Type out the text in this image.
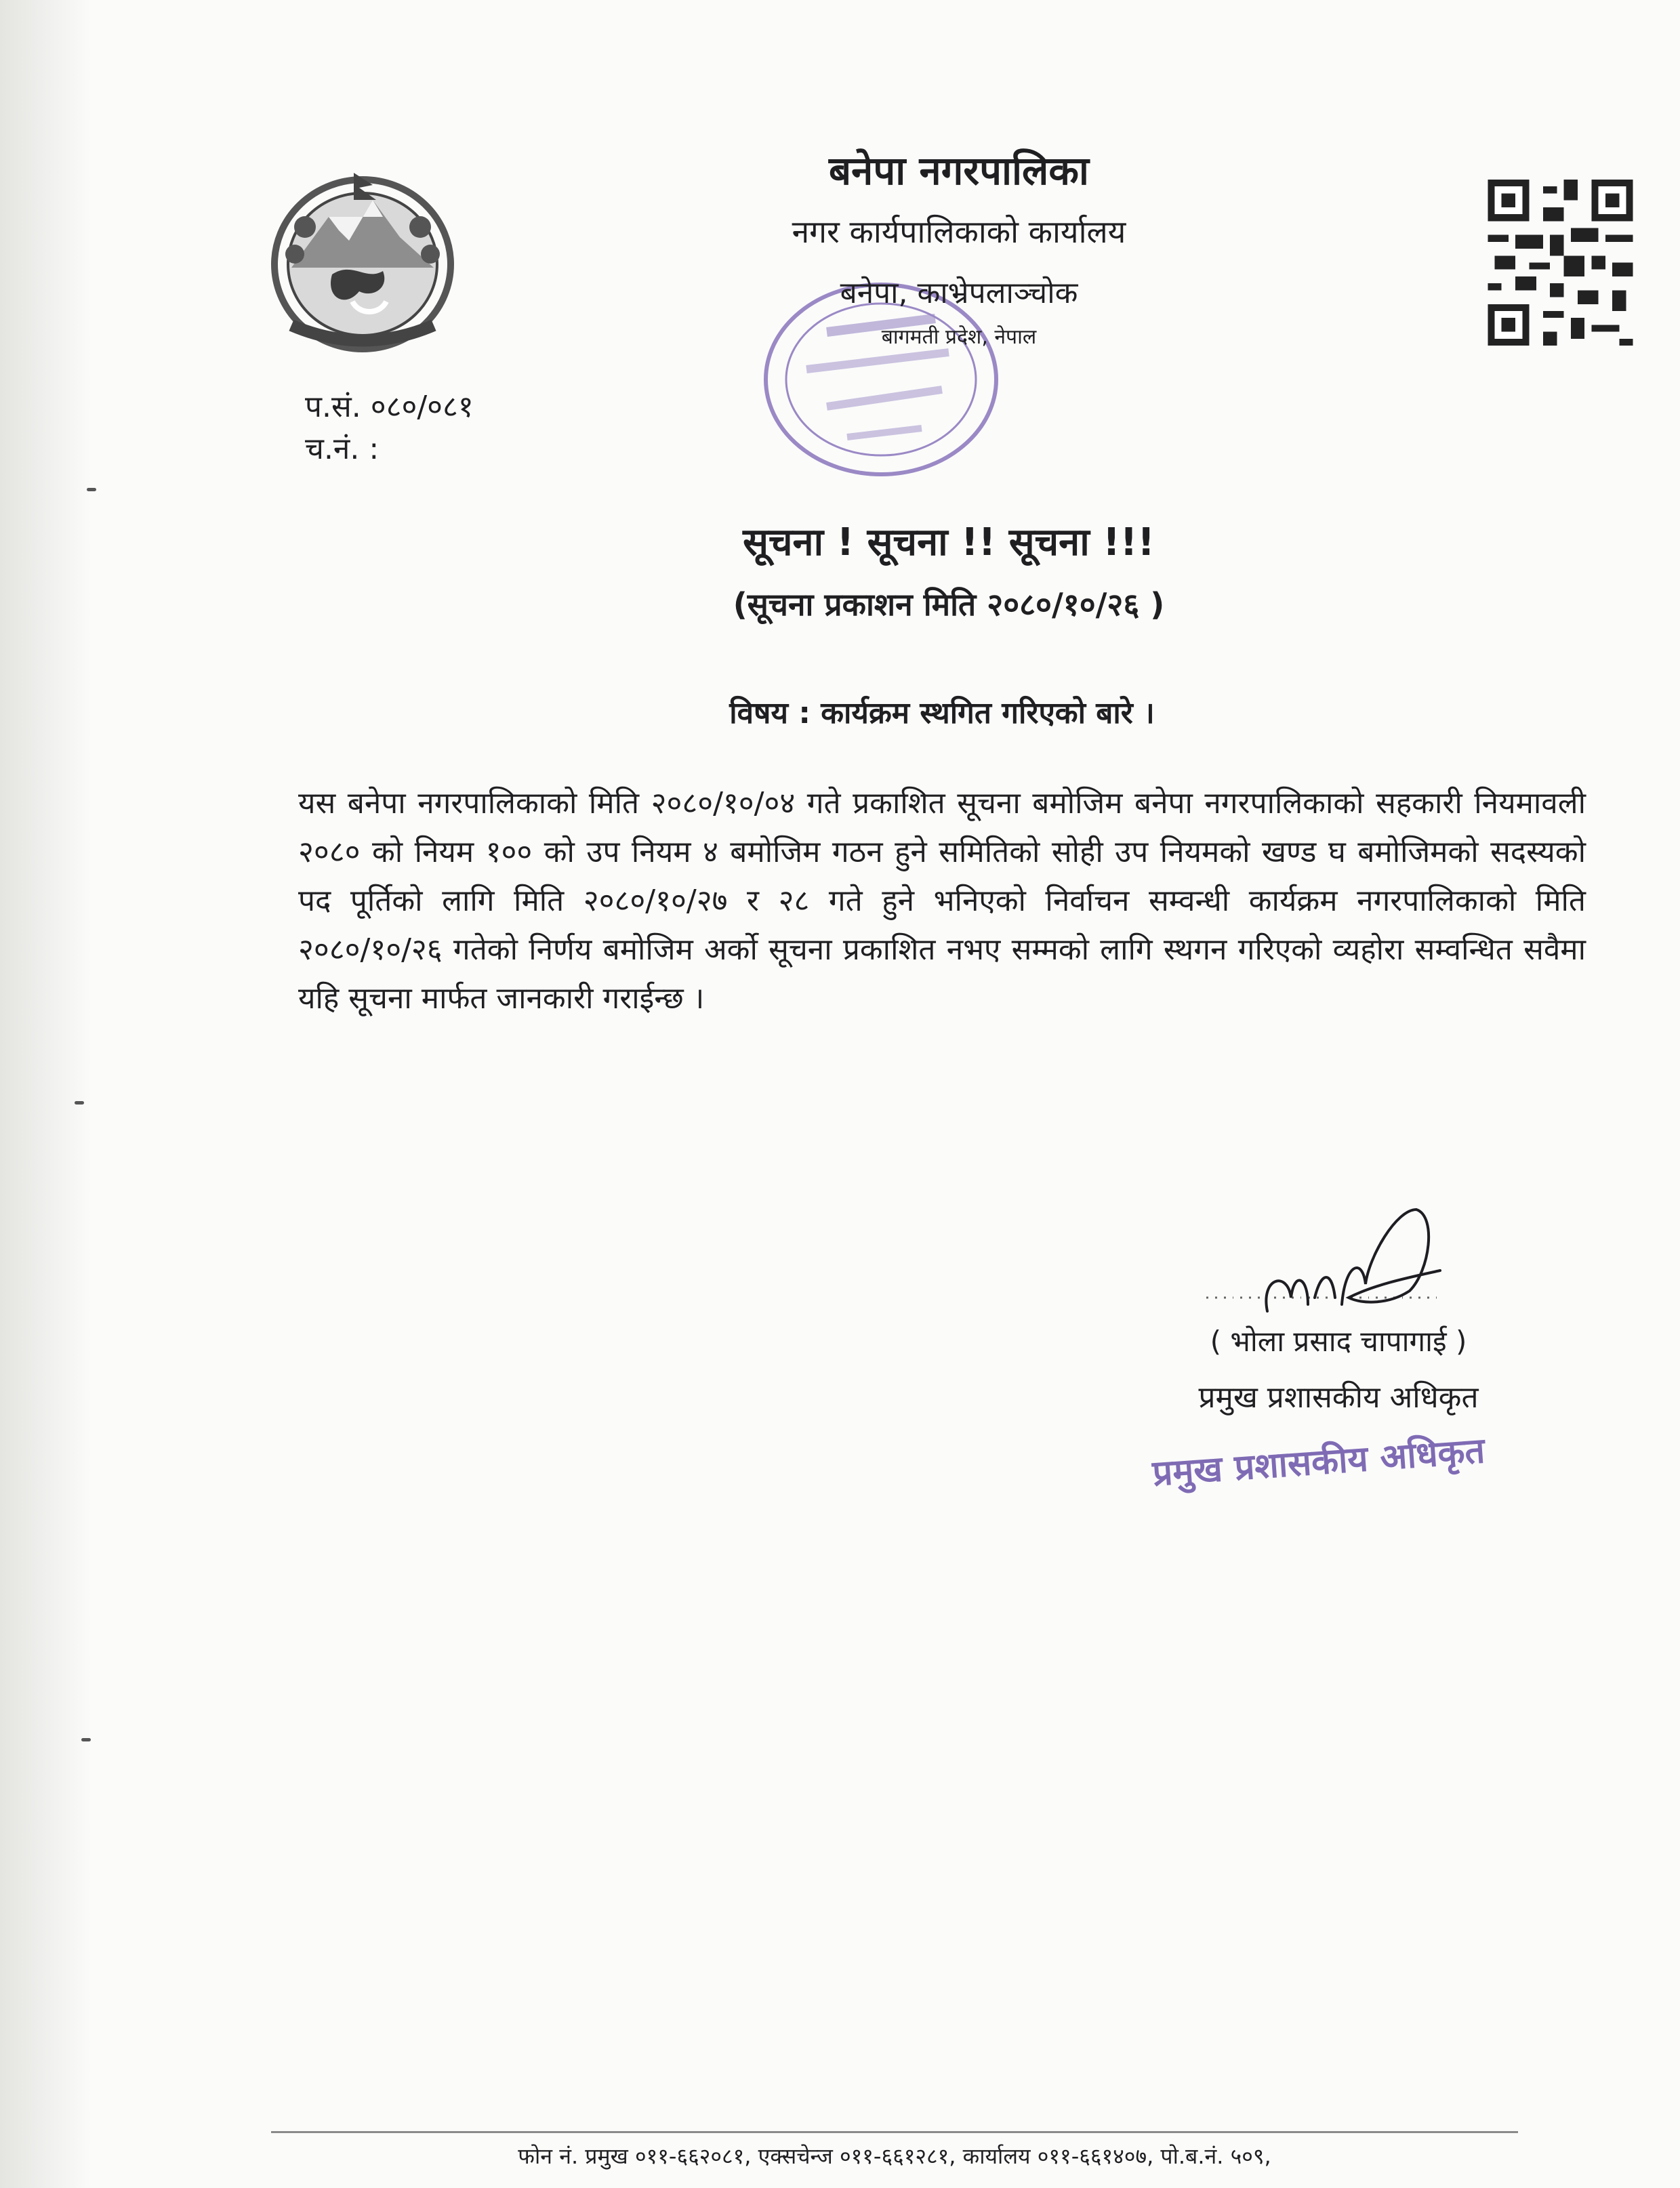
बनेपा नगरपालिका
नगर कार्यपालिकाको कार्यालय
बनेपा, काभ्रेपलाञ्चोक
बागमती प्रदेश, नेपाल
प.सं. ०८०/०८१
च.नं. :
सूचना ! सूचना !! सूचना !!!
(सूचना प्रकाशन मिति २०८०/१०/२६ )
विषय : कार्यक्रम स्थगित गरिएको बारे ।
यस बनेपा नगरपालिकाको मिति २०८०/१०/०४ गते प्रकाशित सूचना बमोजिम बनेपा नगरपालिकाको सहकारी नियमावली २०८० को नियम १०० को उप नियम ४ बमोजिम गठन हुने समितिको सोही उप नियमको खण्ड घ बमोजिमको सदस्यको पद पूर्तिको लागि मिति २०८०/१०/२७ र २८ गते हुने भनिएको निर्वाचन सम्वन्धी कार्यक्रम नगरपालिकाको मिति २०८०/१०/२६ गतेको निर्णय बमोजिम अर्को सूचना प्रकाशित नभए सम्मको लागि स्थगन गरिएको व्यहोरा सम्वन्धित सवैमा यहि सूचना मार्फत जानकारी गराईन्छ ।
( भोला प्रसाद चापागाई )
प्रमुख प्रशासकीय अधिकृत
प्रमुख प्रशासकीय अधिकृत
फोन नं. प्रमुख ०११-६६२०८१, एक्सचेन्ज ०११-६६१२८१, कार्यालय ०११-६६१४०७, पो.ब.नं. ५०९,
